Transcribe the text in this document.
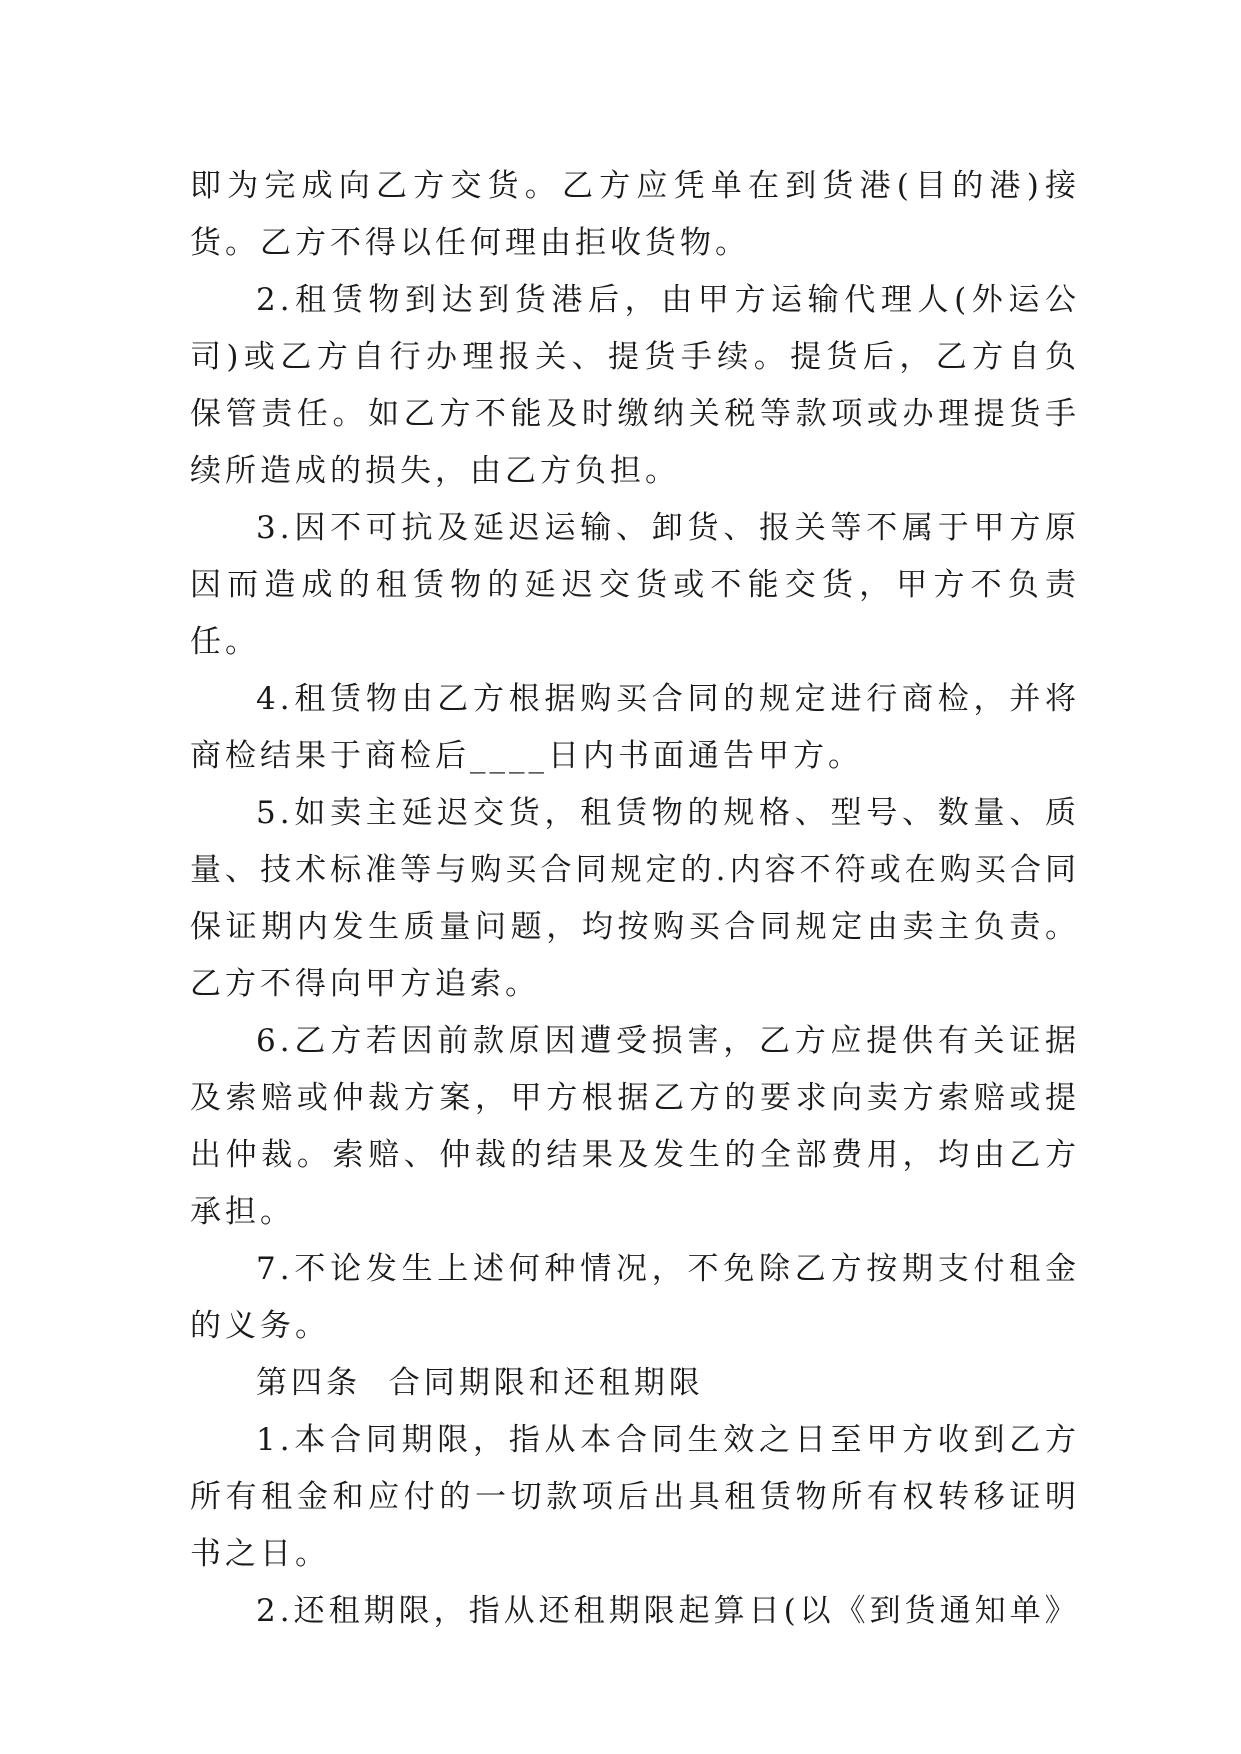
即为完成向乙方交货。乙方应凭单在到货港(目的港)接货。乙方不得以任何理由拒收货物。

2.租赁物到达到货港后，由甲方运输代理人(外运公司)或乙方自行办理报关、提货手续。提货后，乙方自负保管责任。如乙方不能及时缴纳关税等款项或办理提货手续所造成的损失，由乙方负担。

3.因不可抗及延迟运输、卸货、报关等不属于甲方原因而造成的租赁物的延迟交货或不能交货，甲方不负责任。

4.租赁物由乙方根据购买合同的规定进行商检，并将商检结果于商检后____日内书面通告甲方。

5.如卖主延迟交货，租赁物的规格、型号、数量、质量、技术标准等与购买合同规定的.内容不符或在购买合同保证期内发生质量问题，均按购买合同规定由卖主负责。乙方不得向甲方追索。

6.乙方若因前款原因遭受损害，乙方应提供有关证据及索赔或仲裁方案，甲方根据乙方的要求向卖方索赔或提出仲裁。索赔、仲裁的结果及发生的全部费用，均由乙方承担。

7.不论发生上述何种情况，不免除乙方按期支付租金的义务。

第四条  合同期限和还租期限

1.本合同期限，指从本合同生效之日至甲方收到乙方所有租金和应付的一切款项后出具租赁物所有权转移证明书之日。

2.还租期限，指从还租期限起算日(以《到货通知单》
